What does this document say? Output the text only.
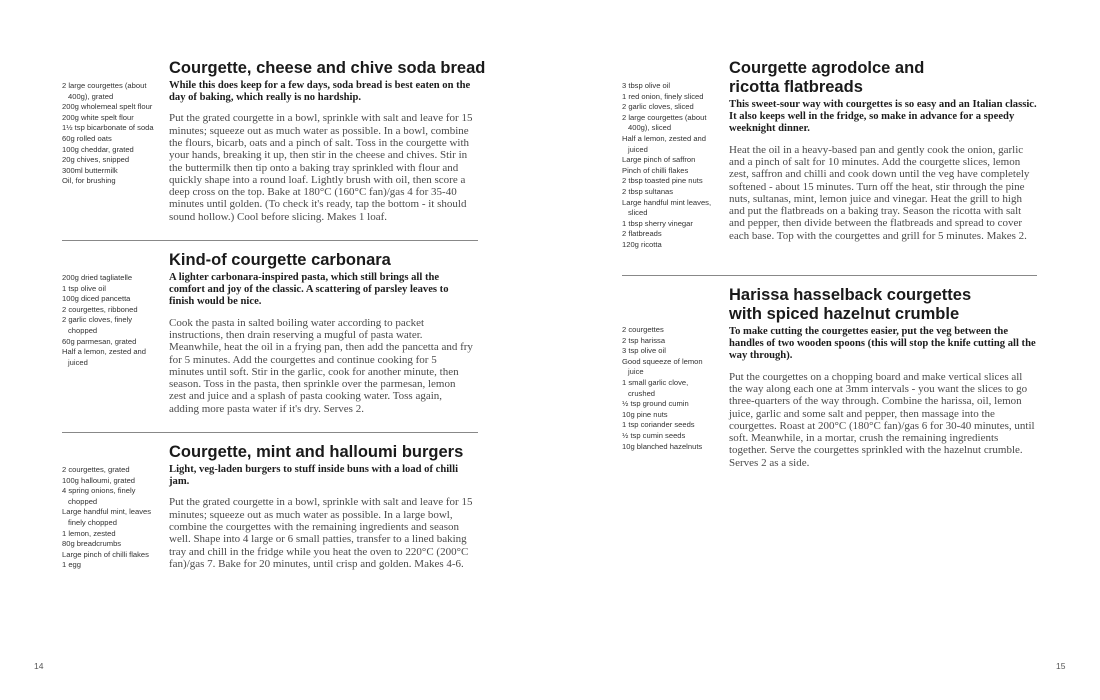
2 large courgettes (about 400g), grated
200g wholemeal spelt flour
200g white spelt flour
1½ tsp bicarbonate of soda
60g rolled oats
100g cheddar, grated
20g chives, snipped
300ml buttermilk
Oil, for brushing
Courgette, cheese and chive soda bread

While this does keep for a few days, soda bread is best eaten on the day of baking, which really is no hardship.

Put the grated courgette in a bowl, sprinkle with salt and leave for 15 minutes; squeeze out as much water as possible. In a bowl, combine the flours, bicarb, oats and a pinch of salt. Toss in the courgette with your hands, breaking it up, then stir in the cheese and chives. Stir in the buttermilk then tip onto a baking tray sprinkled with flour and quickly shape into a round loaf. Lightly brush with oil, then score a deep cross on the top. Bake at 180°C (160°C fan)/gas 4 for 35-40 minutes until golden. (To check it's ready, tap the bottom - it should sound hollow.) Cool before slicing. Makes 1 loaf.

200g dried tagliatelle
1 tsp olive oil
100g diced pancetta
2 courgettes, ribboned
2 garlic cloves, finely chopped
60g parmesan, grated
Half a lemon, zested and juiced
Kind-of courgette carbonara

A lighter carbonara-inspired pasta, which still brings all the comfort and joy of the classic. A scattering of parsley leaves to finish would be nice.

Cook the pasta in salted boiling water according to packet instructions, then drain reserving a mugful of pasta water. Meanwhile, heat the oil in a frying pan, then add the pancetta and fry for 5 minutes. Add the courgettes and continue cooking for 5 minutes until soft. Stir in the garlic, cook for another minute, then season. Toss in the pasta, then sprinkle over the parmesan, lemon zest and juice and a splash of pasta cooking water. Toss again, adding more pasta water if it's dry. Serves 2.

2 courgettes, grated
100g halloumi, grated
4 spring onions, finely chopped
Large handful mint, leaves finely chopped
1 lemon, zested
80g breadcrumbs
Large pinch of chilli flakes
1 egg
Courgette, mint and halloumi burgers

Light, veg-laden burgers to stuff inside buns with a load of chilli jam.

Put the grated courgette in a bowl, sprinkle with salt and leave for 15 minutes; squeeze out as much water as possible. In a large bowl, combine the courgettes with the remaining ingredients and season well. Shape into 4 large or 6 small patties, transfer to a lined baking tray and chill in the fridge while you heat the oven to 220°C (200°C fan)/gas 7. Bake for 20 minutes, until crisp and golden. Makes 4-6.

14
3 tbsp olive oil
1 red onion, finely sliced
2 garlic cloves, sliced
2 large courgettes (about 400g), sliced
Half a lemon, zested and juiced
Large pinch of saffron
Pinch of chilli flakes
2 tbsp toasted pine nuts
2 tbsp sultanas
Large handful mint leaves, sliced
1 tbsp sherry vinegar
2 flatbreads
120g ricotta
Courgette agrodolce and ricotta flatbreads

This sweet-sour way with courgettes is so easy and an Italian classic. It also keeps well in the fridge, so make in advance for a speedy weeknight dinner.

Heat the oil in a heavy-based pan and gently cook the onion, garlic and a pinch of salt for 10 minutes. Add the courgette slices, lemon zest, saffron and chilli and cook down until the veg have completely softened - about 15 minutes. Turn off the heat, stir through the pine nuts, sultanas, mint, lemon juice and vinegar. Heat the grill to high and put the flatbreads on a baking tray. Season the ricotta with salt and pepper, then divide between the flatbreads and spread to cover each base. Top with the courgettes and grill for 5 minutes. Makes 2.

2 courgettes
2 tsp harissa
3 tsp olive oil
Good squeeze of lemon juice
1 small garlic clove, crushed
½ tsp ground cumin
10g pine nuts
1 tsp coriander seeds
½ tsp cumin seeds
10g blanched hazelnuts
Harissa hasselback courgettes with spiced hazelnut crumble

To make cutting the courgettes easier, put the veg between the handles of two wooden spoons (this will stop the knife cutting all the way through).

Put the courgettes on a chopping board and make vertical slices all the way along each one at 3mm intervals - you want the slices to go three-quarters of the way through. Combine the harissa, oil, lemon juice, garlic and some salt and pepper, then massage into the courgettes. Roast at 200°C (180°C fan)/gas 6 for 30-40 minutes, until soft. Meanwhile, in a mortar, crush the remaining ingredients together. Serve the courgettes sprinkled with the hazelnut crumble. Serves 2 as a side.

15
